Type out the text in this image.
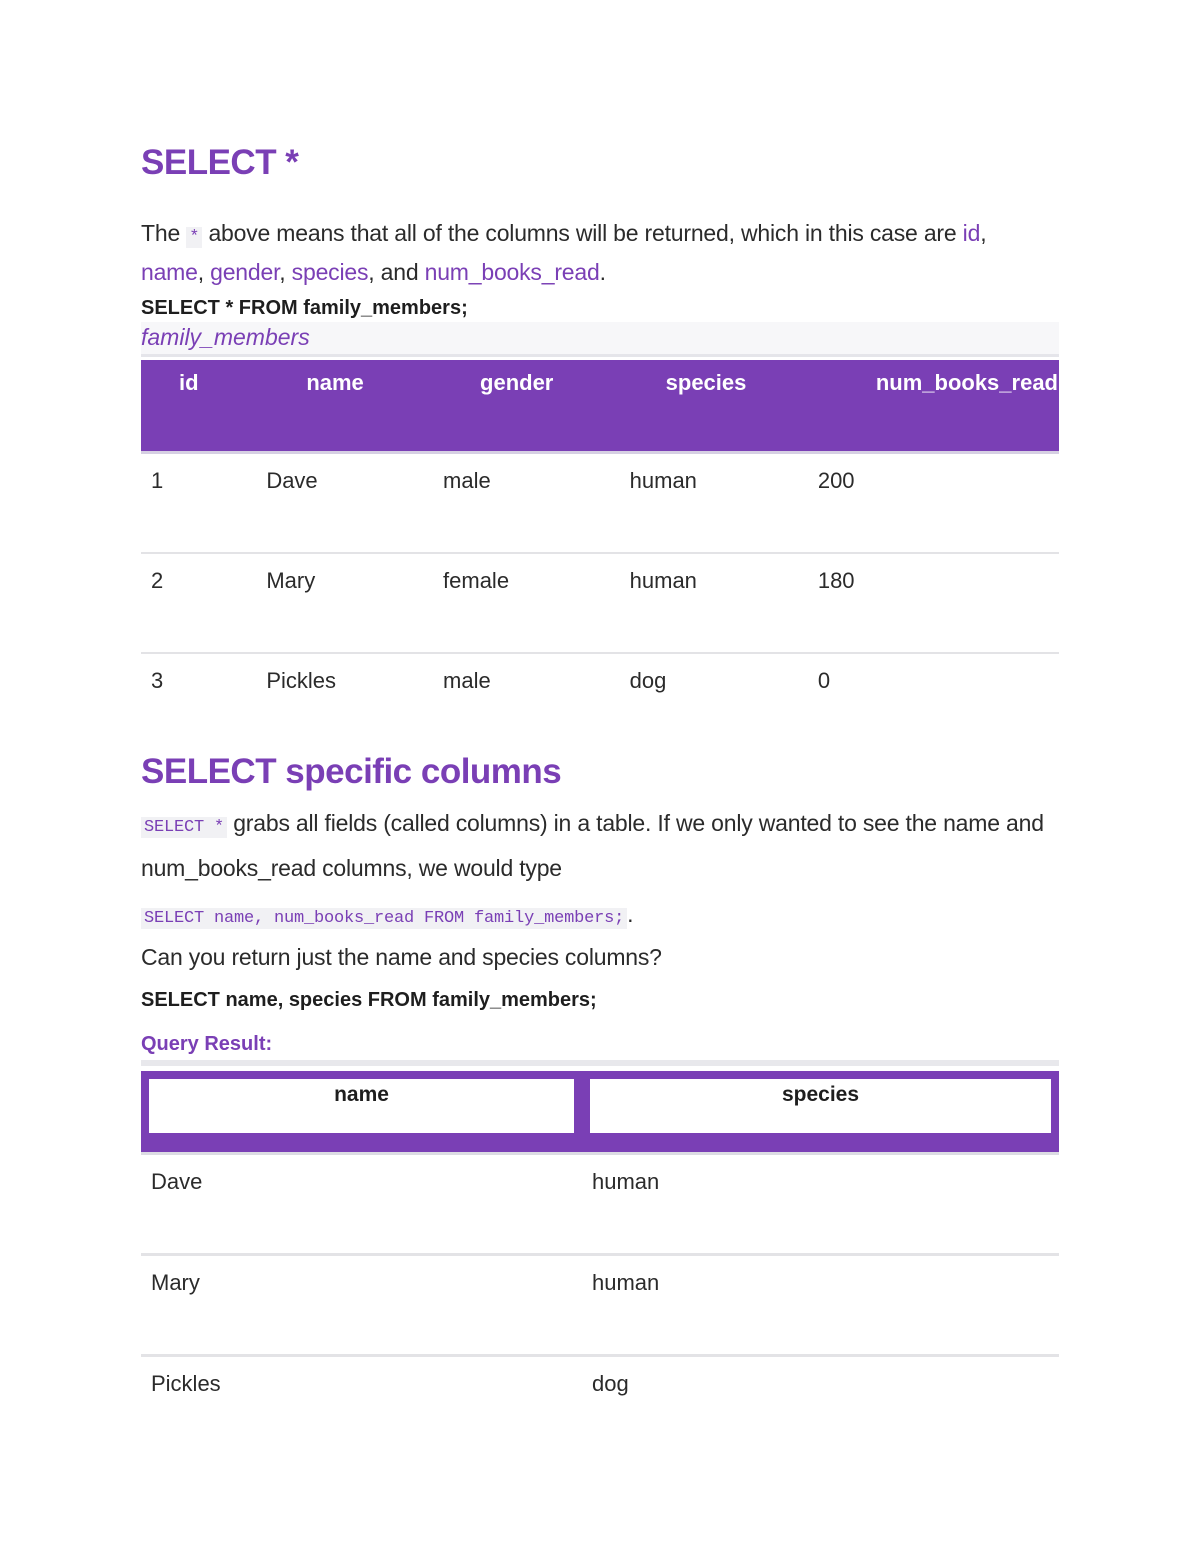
SELECT *
The * above means that all of the columns will be returned, which in this case are id,
name, gender, species, and num_books_read.
SELECT * FROM family_members;
family_members
id	name	gender	species	num_books_read
1	Dave	male	human	200
2	Mary	female	human	180
3	Pickles	male	dog	0
SELECT specific columns
SELECT * grabs all fields (called columns) in a table. If we only wanted to see the name and
num_books_read columns, we would type
SELECT name, num_books_read FROM family_members; .
Can you return just the name and species columns?
SELECT name, species FROM family_members;
Query Result:
name	species

Dave	human
Mary	human
Pickles	dog
